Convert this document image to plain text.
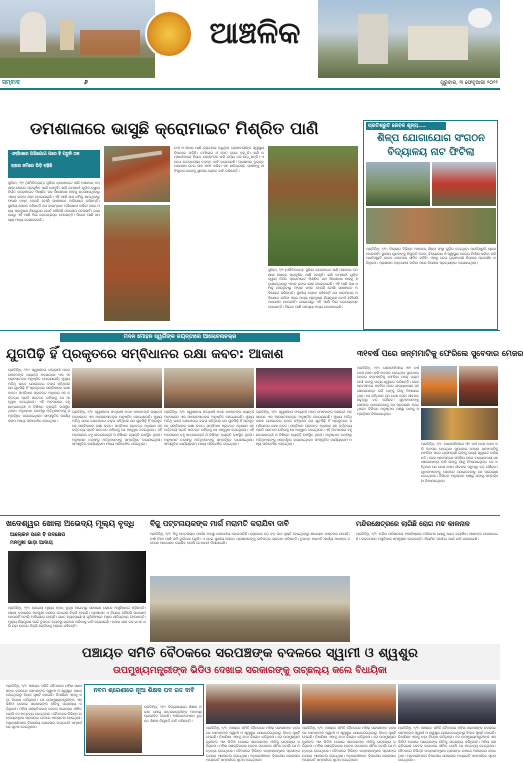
ଆଞ୍ଚଳିକ
ସମ୍ବାଦ	୬	ଗୁରୁବାର, ୩ ଫେବୃଆରୀ ୨୦୨୨
ଡମଶାଳାରେ ଭାସୁଛି କ୍ରୋମାଇଟ ମିଶ୍ରିତ ପାଣି
ଏନ୍‌ଜିଓରେ ଅଭିଯୋଗ ପରେ ବି ପଡୁନି ଠକ
ଚାଷର ଜମିରେ ଭିଡ଼ି ବଢ଼ିଛି
ସୁକିନ୍ଦା, ୨/୨ (ସମିତିନଗର): ସୁକିନ୍ଦା କ୍ରୋମାଇଟ ଖଣି ଅଞ୍ଚଳରେ ଡମଶାଳା ନାଳରେ ପ୍ରଦୂଷିତ ପାଣି ବୋହୁଛି। ଖଣି କମ୍ପାନୀ ଗୁଡ଼ିକ ଦ୍ୱାରା ନିର୍ଗତ କ୍ରୋମାଇଟ ମିଶ୍ରିତ ଜଳ ସିଧାସଳଖ ନାଳକୁ ଛଡ଼ାଯାଉଥିବାରୁ ଏହାର ରଙ୍ଗ ଲାଲ ହୋଇଯାଇଛି। ଏହି ପାଣି ଚାଷ ଜମିକୁ ଯାଉଥିବାରୁ ଫସଲ ନଷ୍ଟ ହେଉଛି ବୋଲି ଚାଷୀମାନେ ଅଭିଯୋଗ କରିଛନ୍ତି। ସ୍ଥାନୀୟ ଲୋକେ କହିଛନ୍ତି ଯେ ବାରମ୍ବାର ଅଭିଯୋଗ କରିବା ପରେ ମଧ୍ୟ ପ୍ରଦୂଷଣ ନିୟନ୍ତ୍ରଣ ବୋର୍ଡ କୌଣସି ପଦକ୍ଷେପ ନେଉନାହିଁ। ଗାଈଗୋରୁ ଏହି ପାଣି ପିଇ ରୋଗଗ୍ରସ୍ତ ହେଉଛନ୍ତି। ପିଇବା ପାଣି ସମସ୍ୟା ମଧ୍ୟ ଦେଖାଦେଇଛି।
ନଦୀ ଓ ନାଳର ପାଣି ବ୍ୟବହାର କରୁଥିବା ଗ୍ରାମବାସୀଙ୍କ ସ୍ୱାସ୍ଥ୍ୟ ବିପଦରେ ପଡ଼ିଛି। ଚର୍ମରୋଗ ଓ ପେଟ ରୋଗ ବଢ଼ୁଛି। ଖଣି କମ୍ପାନୀମାନେ ନିୟମ ଉଲ୍ଲଂଘନ କରି ବର୍ଜ୍ୟ ଜଳ ଛାଡ଼ୁଛନ୍ତି। ଏ ନେଇ ଉଚ୍ଚସ୍ତରୀୟ ତଦନ୍ତ ଦାବି କରାଯାଇଛି। ପ୍ରଶାସନ ତୁରନ୍ତ ପଦକ୍ଷେପ ନେଇ ନାଳ ସଫା କରିବା ସହ କ୍ଷତିଗ୍ରସ୍ତ ଚାଷୀଙ୍କୁ କ୍ଷତିପୂରଣ ଦେବାକୁ ସ୍ଥାନୀୟ ଲୋକେ ଦାବି କରିଛନ୍ତି।
ସୁକିନ୍ଦା, ୨/୨ (ସମିତିନଗର): ସୁକିନ୍ଦା କ୍ରୋମାଇଟ ଖଣି ଅଞ୍ଚଳରେ ଡମଶାଳା ନାଳରେ ପ୍ରଦୂଷିତ ପାଣି ବୋହୁଛି। ଖଣି କମ୍ପାନୀ ଗୁଡ଼ିକ ଦ୍ୱାରା ନିର୍ଗତ କ୍ରୋମାଇଟ ମିଶ୍ରିତ ଜଳ ସିଧାସଳଖ ନାଳକୁ ଛଡ଼ାଯାଉଥିବାରୁ ଏହାର ରଙ୍ଗ ଲାଲ ହୋଇଯାଇଛି। ଏହି ପାଣି ଚାଷ ଜମିକୁ ଯାଉଥିବାରୁ ଫସଲ ନଷ୍ଟ ହେଉଛି ବୋଲି ଚାଷୀମାନେ ଅଭିଯୋଗ କରିଛନ୍ତି। ସ୍ଥାନୀୟ ଲୋକେ କହିଛନ୍ତି ଯେ ବାରମ୍ବାର ଅଭିଯୋଗ କରିବା ପରେ ମଧ୍ୟ ପ୍ରଦୂଷଣ ନିୟନ୍ତ୍ରଣ ବୋର୍ଡ କୌଣସି ପଦକ୍ଷେପ ନେଉନାହିଁ। ଗାଈଗୋରୁ ଏହି ପାଣି ପିଇ ରୋଗଗ୍ରସ୍ତ ହେଉଛନ୍ତି। ପିଇବା ପାଣି ସମସ୍ୟା ମଧ୍ୟ ଦେଖାଦେଇଛି।
ପ୍ରତିଶ୍ରୁତି କେବଳ ଶୂନ୍ୟ....
ଶିଳ୍ପ ଯୋଗାଯୋଗ ସଂଗଠନ
ବିଦ୍ୟାଳୟ ନାଟ ଫିଟିଲା
ପ୍ରତିନିଧି, ୨/୨: ଜିଲ୍ଲାର ବିଭିନ୍ନ ଅଞ୍ଚଳରେ ଶିଳ୍ପ ସଂସ୍ଥା ଗୁଡ଼ିକ ଦେଇଥିବା ପ୍ରତିଶ୍ରୁତି ପୂରଣ ହୋଇନାହିଁ। ସ୍ଥାନୀୟ ଯୁବକଙ୍କୁ ନିଯୁକ୍ତି ଦେବା, ବିଦ୍ୟାଳୟ ଓ ସ୍ୱାସ୍ଥ୍ୟ କେନ୍ଦ୍ର ନିର୍ମାଣ କରିବା ଭଳି ପ୍ରତିଶ୍ରୁତି କାଗଜ କଲମରେ ସୀମିତ ରହିଛି। ଏହାକୁ ନେଇ ଗ୍ରାମବାସୀ ବିକ୍ଷୋଭ ପ୍ରଦର୍ଶନ କରିଥିଲେ। ପ୍ରଶାସନ ହସ୍ତକ୍ଷେପ କରିବା ପରେ ବିକ୍ଷୋଭ ପ୍ରତ୍ୟାହାର କରାଯାଇଥିଲା।
ମଦନ ମୋହନ ସ୍ୱର୍ଗିଙ୍କ ଜୟନ୍ତୀରେ ଆଲୋଚନାଚକ୍ର
ଯୁଗପିଢ଼ି ହିଁ ପ୍ରକୃତରେ ସମ୍ବିଧାନର ରକ୍ଷା କବଚ: ଆକାଶ
ପ୍ରତିନିଧି, ୨/୨: ସ୍ୱାଧୀନତା ସଂଗ୍ରାମୀ ମଦନ ମୋହନଙ୍କ ଜୟନ୍ତୀ ଅବସରରେ ଏକ ଆଲୋଚନାଚକ୍ର ଅନୁଷ୍ଠିତ ହୋଇଯାଇଛି। ମୁଖ୍ୟ ଅତିଥି ଭାବେ ଯୋଗଦେଇ ବକ୍ତା କହିଥିଲେ ଯେ ଯୁବପିଢ଼ି ହିଁ ପ୍ରକୃତରେ ସମ୍ବିଧାନର ରକ୍ଷା କବଚ। ସମ୍ବିଧାନ ପ୍ରଦତ୍ତ ଅଧିକାର ସହ କର୍ତ୍ତବ୍ୟ ପ୍ରତି ସଚେତନ ରହିବାକୁ ସେ ଆହ୍ୱାନ ଦେଇଥିଲେ। ଏହି ଅବସରରେ ବହୁ ଛାତ୍ରଛାତ୍ରୀ ଓ ବିଶିଷ୍ଟ ବ୍ୟକ୍ତି ଉପସ୍ଥିତ ଥିଲେ। ଅନୁଷ୍ଠାନ ତରଫରୁ ଅତିଥିମାନଙ୍କୁ ସମ୍ବର୍ଦ୍ଧିତ କରାଯାଇଥିଲା। ସାଂସ୍କୃତିକ କାର୍ଯ୍ୟକ୍ରମ ମଧ୍ୟ ପରିବେଷିତ ହୋଇଥିଲା।
ପ୍ରତିନିଧି, ୨/୨: ସ୍ୱାଧୀନତା ସଂଗ୍ରାମୀ ମଦନ ମୋହନଙ୍କ ଜୟନ୍ତୀ ଅବସରରେ ଏକ ଆଲୋଚନାଚକ୍ର ଅନୁଷ୍ଠିତ ହୋଇଯାଇଛି। ମୁଖ୍ୟ ଅତିଥି ଭାବେ ଯୋଗଦେଇ ବକ୍ତା କହିଥିଲେ ଯେ ଯୁବପିଢ଼ି ହିଁ ପ୍ରକୃତରେ ସମ୍ବିଧାନର ରକ୍ଷା କବଚ। ସମ୍ବିଧାନ ପ୍ରଦତ୍ତ ଅଧିକାର ସହ କର୍ତ୍ତବ୍ୟ ପ୍ରତି ସଚେତନ ରହିବାକୁ ସେ ଆହ୍ୱାନ ଦେଇଥିଲେ। ଏହି ଅବସରରେ ବହୁ ଛାତ୍ରଛାତ୍ରୀ ଓ ବିଶିଷ୍ଟ ବ୍ୟକ୍ତି ଉପସ୍ଥିତ ଥିଲେ। ଅନୁଷ୍ଠାନ ତରଫରୁ ଅତିଥିମାନଙ୍କୁ ସମ୍ବର୍ଦ୍ଧିତ କରାଯାଇଥିଲା। ସାଂସ୍କୃତିକ କାର୍ଯ୍ୟକ୍ରମ ମଧ୍ୟ ପରିବେଷିତ ହୋଇଥିଲା।
ପ୍ରତିନିଧି, ୨/୨: ସ୍ୱାଧୀନତା ସଂଗ୍ରାମୀ ମଦନ ମୋହନଙ୍କ ଜୟନ୍ତୀ ଅବସରରେ ଏକ ଆଲୋଚନାଚକ୍ର ଅନୁଷ୍ଠିତ ହୋଇଯାଇଛି। ମୁଖ୍ୟ ଅତିଥି ଭାବେ ଯୋଗଦେଇ ବକ୍ତା କହିଥିଲେ ଯେ ଯୁବପିଢ଼ି ହିଁ ପ୍ରକୃତରେ ସମ୍ବିଧାନର ରକ୍ଷା କବଚ। ସମ୍ବିଧାନ ପ୍ରଦତ୍ତ ଅଧିକାର ସହ କର୍ତ୍ତବ୍ୟ ପ୍ରତି ସଚେତନ ରହିବାକୁ ସେ ଆହ୍ୱାନ ଦେଇଥିଲେ। ଏହି ଅବସରରେ ବହୁ ଛାତ୍ରଛାତ୍ରୀ ଓ ବିଶିଷ୍ଟ ବ୍ୟକ୍ତି ଉପସ୍ଥିତ ଥିଲେ। ଅନୁଷ୍ଠାନ ତରଫରୁ ଅତିଥିମାନଙ୍କୁ ସମ୍ବର୍ଦ୍ଧିତ କରାଯାଇଥିଲା। ସାଂସ୍କୃତିକ କାର୍ଯ୍ୟକ୍ରମ ମଧ୍ୟ ପରିବେଷିତ ହୋଇଥିଲା।
ପ୍ରତିନିଧି, ୨/୨: ସ୍ୱାଧୀନତା ସଂଗ୍ରାମୀ ମଦନ ମୋହନଙ୍କ ଜୟନ୍ତୀ ଅବସରରେ ଏକ ଆଲୋଚନାଚକ୍ର ଅନୁଷ୍ଠିତ ହୋଇଯାଇଛି। ମୁଖ୍ୟ ଅତିଥି ଭାବେ ଯୋଗଦେଇ ବକ୍ତା କହିଥିଲେ ଯେ ଯୁବପିଢ଼ି ହିଁ ପ୍ରକୃତରେ ସମ୍ବିଧାନର ରକ୍ଷା କବଚ। ସମ୍ବିଧାନ ପ୍ରଦତ୍ତ ଅଧିକାର ସହ କର୍ତ୍ତବ୍ୟ ପ୍ରତି ସଚେତନ ରହିବାକୁ ସେ ଆହ୍ୱାନ ଦେଇଥିଲେ। ଏହି ଅବସରରେ ବହୁ ଛାତ୍ରଛାତ୍ରୀ ଓ ବିଶିଷ୍ଟ ବ୍ୟକ୍ତି ଉପସ୍ଥିତ ଥିଲେ। ଅନୁଷ୍ଠାନ ତରଫରୁ ଅତିଥିମାନଙ୍କୁ ସମ୍ବର୍ଦ୍ଧିତ କରାଯାଇଥିଲା। ସାଂସ୍କୃତିକ କାର୍ଯ୍ୟକ୍ରମ ମଧ୍ୟ ପରିବେଷିତ ହୋଇଥିଲା।
୩୧ବର୍ଷ ପରେ ଜନ୍ମମାଟିକୁ ଫେରିଲେ ସୁବେଦାର ମେଜର
ପ୍ରତିନିଧି, ୨/୨: ସେନାବାହିନୀରେ ୩୧ ବର୍ଷ ଦେଶ ସେବା କରି ଅବସର ନେଇଥିବା ସୁବେଦାର ମେଜର ଜନ୍ମମାଟିକୁ ଫେରିବା ପରେ ଗ୍ରାମବାସୀ ତାଙ୍କୁ ଭବ୍ୟ ସ୍ୱାଗତ କରିଛନ୍ତି। ରେଳ ଷ୍ଟେସନରେ ପହଞ୍ଚିବା ପରେ ବାଦ୍ୟବାଜଣା ସହ ଶୋଭାଯାତ୍ରା କରି ତାଙ୍କୁ ଗାଁକୁ ନିଆଯାଇଥିଲା। ସେ କହିଥିଲେ ଯେ ଦେଶ ସେବା ଜୀବନର ସବୁଠାରୁ ବଡ଼ ଗୌରବ। ଯୁବକମାନଙ୍କୁ ସେନାରେ ଯୋଗଦେବାକୁ ସେ ପ୍ରେରଣା ଦେଇଥିଲେ। ବିଭିନ୍ନ ଅନୁଷ୍ଠାନ ପକ୍ଷରୁ ତାଙ୍କୁ ସମ୍ବର୍ଦ୍ଧନା ଦିଆଯାଇଥିଲା।
ପ୍ରତିନିଧି, ୨/୨: ସେନାବାହିନୀରେ ୩୧ ବର୍ଷ ଦେଶ ସେବା କରି ଅବସର ନେଇଥିବା ସୁବେଦାର ମେଜର ଜନ୍ମମାଟିକୁ ଫେରିବା ପରେ ଗ୍ରାମବାସୀ ତାଙ୍କୁ ଭବ୍ୟ ସ୍ୱାଗତ କରିଛନ୍ତି। ରେଳ ଷ୍ଟେସନରେ ପହଞ୍ଚିବା ପରେ ବାଦ୍ୟବାଜଣା ସହ ଶୋଭାଯାତ୍ରା କରି ତାଙ୍କୁ ଗାଁକୁ ନିଆଯାଇଥିଲା। ସେ କହିଥିଲେ ଯେ ଦେଶ ସେବା ଜୀବନର ସବୁଠାରୁ ବଡ଼ ଗୌରବ। ଯୁବକମାନଙ୍କୁ ସେନାରେ ଯୋଗଦେବାକୁ ସେ ପ୍ରେରଣା ଦେଇଥିଲେ। ବିଭିନ୍ନ ଅନୁଷ୍ଠାନ ପକ୍ଷରୁ ତାଙ୍କୁ ସମ୍ବର୍ଦ୍ଧନା ଦିଆଯାଇଥିଲା।
ଖଦେଶ୍ୱର ଖୋଲା ଅଭେଦ୍ୟ ମୂଲ୍ୟ ବୃଦ୍ଧି
ଆଲୋକନ ପରେ ବି ପଦକ୍ଷେପ
ମନମୁଖୀ ଭାଡ଼ା ଆଦାୟ
ପ୍ରତିନିଧି, ୨/୨: କୋଇଲା ମୂଲ୍ୟ ହଠାତ୍ ବୃଦ୍ଧି ପାଇବାରୁ ସାଧାରଣ ଲୋକେ ଅସୁବିଧାରେ ପଡ଼ିଛନ୍ତି। ଖୋଲା ବଜାରରେ ମନମୁଖୀ ଦରରେ କୋଇଲା ବିକ୍ରି ହେଉଛି। ପ୍ରଶାସନ ଏ ଦିଗରେ କୌଣସି ପଦକ୍ଷେପ ନେଉନାହିଁ ବୋଲି ଅଭିଯୋଗ ହେଉଛି। ଛୋଟ ବ୍ୟବସାୟୀ ଓ ଗୃହିଣୀମାନେ ଅଧିକ କ୍ଷତିଗ୍ରସ୍ତ ହେଉଛନ୍ତି। ମୂଲ୍ୟ ନିୟନ୍ତ୍ରଣ ପାଇଁ ତୁରନ୍ତ ବ୍ୟବସ୍ଥା ଗ୍ରହଣ କରିବାକୁ ଦାବି କରାଯାଇଛି। ବଜାର ଯାଞ୍ଚ ଦଳ ଗଠନ କରି ଚଢ଼ା ଦରରେ ବିକ୍ରି ରୋକିବାକୁ ଲୋକେ କହିଛନ୍ତି।
ବିଜୁ ପଟ୍ଟନାୟକଙ୍କ ମାର୍ଗ ମରାମତି କରାଯିବା ଦାବି
ପ୍ରତିନିଧି, ୨/୨: ବିଜୁ ପଟ୍ଟନାୟକ ମାର୍ଗର ଅବସ୍ଥା ଶୋଚନୀୟ ହୋଇପଡ଼ିଛି। ରାସ୍ତାରେ ବଡ଼ ବଡ଼ ଗାତ ସୃଷ୍ଟି ହୋଇଥିବାରୁ ଯାତାୟାତ କଷ୍ଟକର ହେଉଛି। ବର୍ଷା ଦିନେ ପାଣି ଜମି ଦୁର୍ଘଟଣା ଘଟୁଛି। ଏ ନେଇ ସ୍ଥାନୀୟ ଲୋକେ ପ୍ରଶାସନଙ୍କୁ ଦାବିପତ୍ର ପ୍ରଦାନ କରିଛନ୍ତି। ତୁରନ୍ତ ମରାମତି କାର୍ଯ୍ୟ ଆରମ୍ଭ ନହେଲେ ଆନ୍ଦୋଳନ କରାଯିବ ବୋଲି ଚେତାବନୀ ଦିଆଯାଇଛି।
ମନ୍ଦିରକ୍ଷେତ୍ରରେ ଲାଗିଛି ରୋଗ ମଚ କାଳନାଳ
ପ୍ରତିନିଧି, ୨/୨: ମନ୍ଦିର ପରିସରରେ ଅପରିଷ୍କାର ପରିବେଶ ଯୋଗୁ ରୋଗ ବ୍ୟାପିବା ଆଶଙ୍କା ଦେଖାଦେଇଛି। ଭକ୍ତମାନେ ଅସୁବିଧାର ସମ୍ମୁଖୀନ ହେଉଛନ୍ତି। ନିୟମିତ ସଫେଇ ପାଇଁ ଦାବି କରାଯାଇଛି।
ପଞ୍ଚାୟତ ସମିତି ବୈଠକରେ ସରପଞ୍ଚଙ୍କ ବଦଳରେ ସ୍ୱାମୀ ଓ ଶ୍ୱଶୁର
ଉପମୁଖ୍ୟମନ୍ତ୍ରୀଙ୍କ ଭିଡିଓ ଦେଖାଇ ସରକାରଙ୍କୁ ତାଚ୍ଛଲ୍ୟ କଲେ ବିଧାୟିକା
ପ୍ରତିନିଧି, ୨/୨: ପଞ୍ଚାୟତ ସମିତି ବୈଠକରେ ମହିଳା ସରପଞ୍ଚଙ୍କ ବଦଳରେ ସେମାନଙ୍କ ସ୍ୱାମୀ ଓ ଶ୍ୱଶୁର ଯୋଗଦେଇଥିବାରୁ ବିବାଦ ସୃଷ୍ଟି ହୋଇଛି। ବିଧାୟିକା ଏହାକୁ କଡ଼ା ବିରୋଧ କରିଥିଲେ। ସେ ଉପମୁଖ୍ୟମନ୍ତ୍ରୀଙ୍କ ଏକ ଭିଡିଓ ଦେଖାଇ ସରକାରଙ୍କ ନୀତିକୁ ତାଚ୍ଛଲ୍ୟ କରିଥିଲେ। ମହିଳା ସଶକ୍ତିକରଣ କେବଳ କାଗଜରେ ସୀମିତ ବୋଲି ସେ ମନ୍ତବ୍ୟ ଦେଇଥିଲେ। ବୈଠକରେ ବିଭିନ୍ନ ଉନ୍ନୟନମୂଳକ ପ୍ରସଙ୍ଗ ଉପରେ ଆଲୋଚନା ହୋଇଥିଲା। ଅଧିକାରୀମାନେ ବିଭାଗୀୟ ଯୋଜନାର ଅଗ୍ରଗତି ସମ୍ପର୍କରେ ସୂଚନା ଦେଇଥିଲେ।
ନବମ ଶ୍ରେଣୀରେ ନୂଆ ଶିକ୍ଷକ ପଦ ରଦ୍ଦ ଦାବି
ପ୍ରତିନିଧି, ୨/୨: ବିଦ୍ୟାଳୟରେ ଶିକ୍ଷକ ଅଭାବ ଯୋଗୁ ଛାତ୍ରଛାତ୍ରୀଙ୍କ ପାଠପଢ଼ା ପ୍ରଭାବିତ ହେଉଛି। ଅଭିଭାବକମାନେ ତୁରନ୍ତ ଶିକ୍ଷକ ନିଯୁକ୍ତି ଦାବି କରିଛନ୍ତି।
ପ୍ରତିନିଧି, ୨/୨: ପଞ୍ଚାୟତ ସମିତି ବୈଠକରେ ମହିଳା ସରପଞ୍ଚଙ୍କ ବଦଳରେ ସେମାନଙ୍କ ସ୍ୱାମୀ ଓ ଶ୍ୱଶୁର ଯୋଗଦେଇଥିବାରୁ ବିବାଦ ସୃଷ୍ଟି ହୋଇଛି। ବିଧାୟିକା ଏହାକୁ କଡ଼ା ବିରୋଧ କରିଥିଲେ। ସେ ଉପମୁଖ୍ୟମନ୍ତ୍ରୀଙ୍କ ଏକ ଭିଡିଓ ଦେଖାଇ ସରକାରଙ୍କ ନୀତିକୁ ତାଚ୍ଛଲ୍ୟ କରିଥିଲେ। ମହିଳା ସଶକ୍ତିକରଣ କେବଳ କାଗଜରେ ସୀମିତ ବୋଲି ସେ ମନ୍ତବ୍ୟ ଦେଇଥିଲେ। ବୈଠକରେ ବିଭିନ୍ନ ଉନ୍ନୟନମୂଳକ ପ୍ରସଙ୍ଗ ଉପରେ ଆଲୋଚନା ହୋଇଥିଲା। ଅଧିକାରୀମାନେ ବିଭାଗୀୟ ଯୋଜନାର ଅଗ୍ରଗତି ସମ୍ପର୍କରେ ସୂଚନା ଦେଇଥିଲେ।
ପ୍ରତିନିଧି, ୨/୨: ପଞ୍ଚାୟତ ସମିତି ବୈଠକରେ ମହିଳା ସରପଞ୍ଚଙ୍କ ବଦଳରେ ସେମାନଙ୍କ ସ୍ୱାମୀ ଓ ଶ୍ୱଶୁର ଯୋଗଦେଇଥିବାରୁ ବିବାଦ ସୃଷ୍ଟି ହୋଇଛି। ବିଧାୟିକା ଏହାକୁ କଡ଼ା ବିରୋଧ କରିଥିଲେ। ସେ ଉପମୁଖ୍ୟମନ୍ତ୍ରୀଙ୍କ ଏକ ଭିଡିଓ ଦେଖାଇ ସରକାରଙ୍କ ନୀତିକୁ ତାଚ୍ଛଲ୍ୟ କରିଥିଲେ। ମହିଳା ସଶକ୍ତିକରଣ କେବଳ କାଗଜରେ ସୀମିତ ବୋଲି ସେ ମନ୍ତବ୍ୟ ଦେଇଥିଲେ। ବୈଠକରେ ବିଭିନ୍ନ ଉନ୍ନୟନମୂଳକ ପ୍ରସଙ୍ଗ ଉପରେ ଆଲୋଚନା ହୋଇଥିଲା। ଅଧିକାରୀମାନେ ବିଭାଗୀୟ ଯୋଜନାର ଅଗ୍ରଗତି ସମ୍ପର୍କରେ ସୂଚନା ଦେଇଥିଲେ।
ପ୍ରତିନିଧି, ୨/୨: ପଞ୍ଚାୟତ ସମିତି ବୈଠକରେ ମହିଳା ସରପଞ୍ଚଙ୍କ ବଦଳରେ ସେମାନଙ୍କ ସ୍ୱାମୀ ଓ ଶ୍ୱଶୁର ଯୋଗଦେଇଥିବାରୁ ବିବାଦ ସୃଷ୍ଟି ହୋଇଛି। ବିଧାୟିକା ଏହାକୁ କଡ଼ା ବିରୋଧ କରିଥିଲେ। ସେ ଉପମୁଖ୍ୟମନ୍ତ୍ରୀଙ୍କ ଏକ ଭିଡିଓ ଦେଖାଇ ସରକାରଙ୍କ ନୀତିକୁ ତାଚ୍ଛଲ୍ୟ କରିଥିଲେ। ମହିଳା ସଶକ୍ତିକରଣ କେବଳ କାଗଜରେ ସୀମିତ ବୋଲି ସେ ମନ୍ତବ୍ୟ ଦେଇଥିଲେ। ବୈଠକରେ ବିଭିନ୍ନ ଉନ୍ନୟନମୂଳକ ପ୍ରସଙ୍ଗ ଉପରେ ଆଲୋଚନା ହୋଇଥିଲା। ଅଧିକାରୀମାନେ ବିଭାଗୀୟ ଯୋଜନାର ଅଗ୍ରଗତି ସମ୍ପର୍କରେ ସୂଚନା ଦେଇଥିଲେ।
